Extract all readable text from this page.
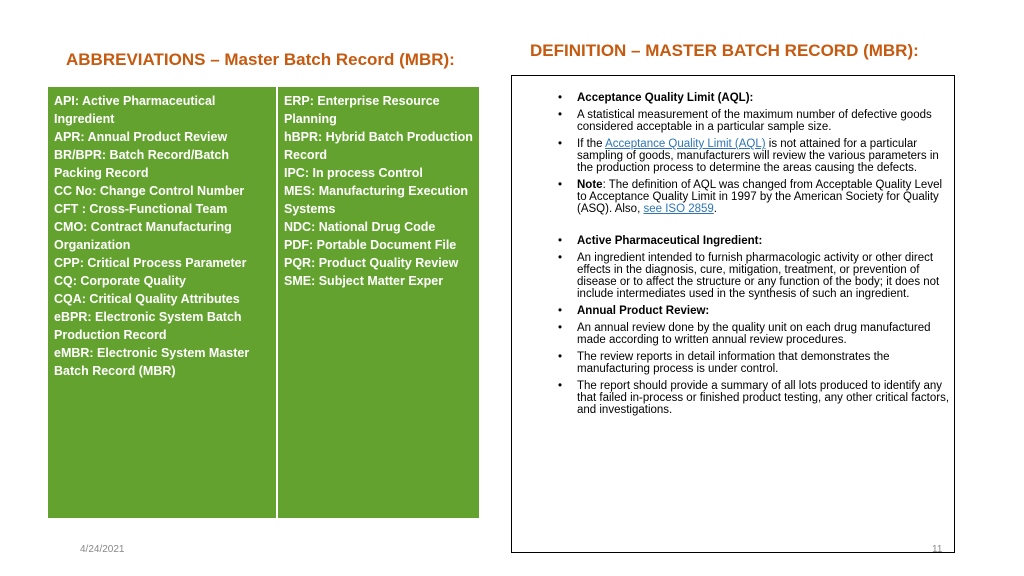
ABBREVIATIONS – Master Batch Record (MBR):	DEFINITION – MASTER BATCH RECORD (MBR):

API: Active Pharmaceutical Ingredient

APR: Annual Product Review

BR/BPR: Batch Record/Batch Packing Record

CC No: Change Control Number

CFT : Cross-Functional Team

CMO: Contract Manufacturing Organization

CPP: Critical Process Parameter

CQ: Corporate Quality

CQA: Critical Quality Attributes

eBPR: Electronic System Batch Production Record

eMBR: Electronic System Master Batch Record (MBR)

ERP: Enterprise Resource Planning

hBPR: Hybrid Batch Production Record

IPC: In process Control

MES: Manufacturing Execution Systems

NDC: National Drug Code

PDF: Portable Document File

PQR: Product Quality Review

SME: Subject Matter Exper

• Acceptance Quality Limit (AQL):
• A statistical measurement of the maximum number of defective goods considered acceptable in a particular sample size.
• If the Acceptance Quality Limit (AQL) is not attained for a particular sampling of goods, manufacturers will review the various parameters in the production process to determine the areas causing the defects.
• Note: The definition of AQL was changed from Acceptable Quality Level to Acceptance Quality Limit in 1997 by the American Society for Quality (ASQ). Also, see ISO 2859.
• Active Pharmaceutical Ingredient:
• An ingredient intended to furnish pharmacologic activity or other direct effects in the diagnosis, cure, mitigation, treatment, or prevention of disease or to affect the structure or any function of the body; it does not include intermediates used in the synthesis of such an ingredient.
• Annual Product Review:
• An annual review done by the quality unit on each drug manufactured made according to written annual review procedures.
• The review reports in detail information that demonstrates the manufacturing process is under control.
• The report should provide a summary of all lots produced to identify any that failed in-process or finished product testing, any other critical factors, and investigations.
4/24/2021	11
